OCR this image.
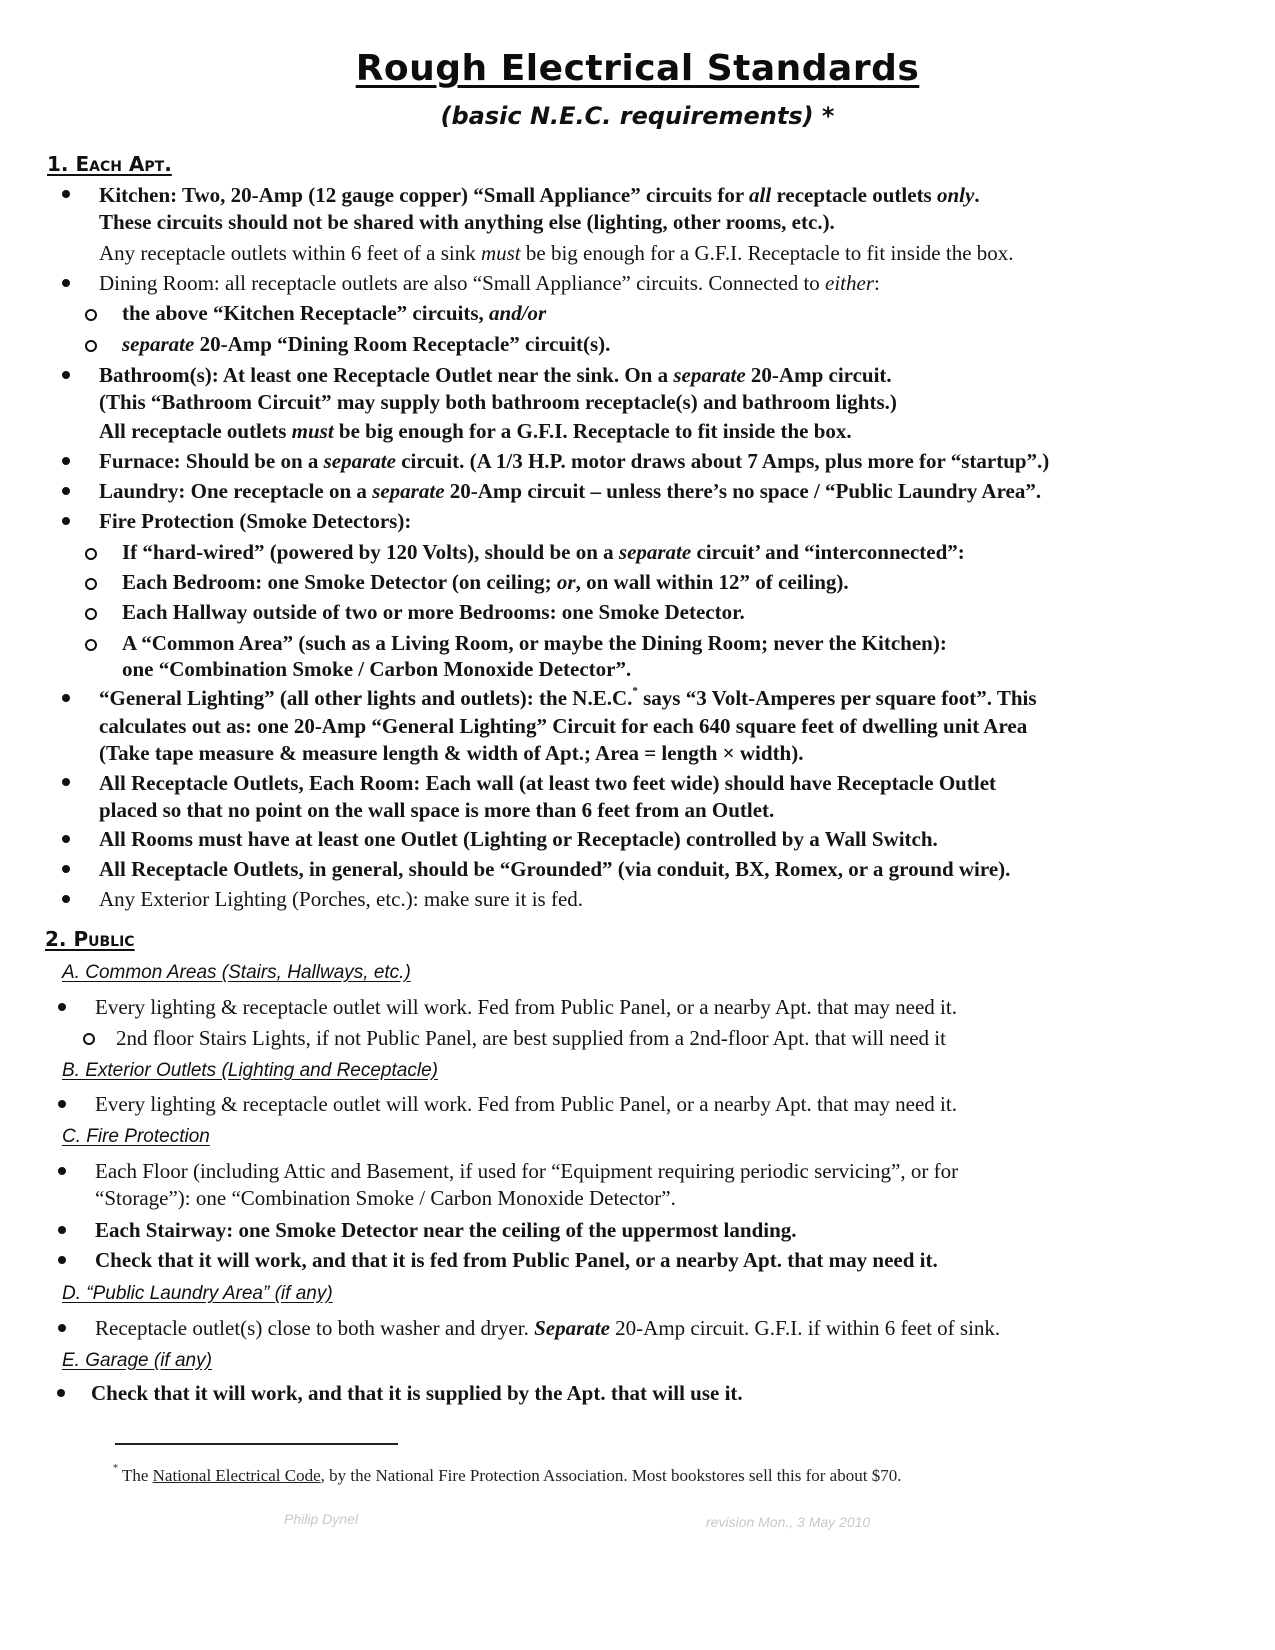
Rough Electrical Standards
(basic N.E.C. requirements) *
1. Each Apt.
Kitchen: Two, 20-Amp (12 gauge copper) “Small Appliance” circuits for all receptacle outlets only.
These circuits should not be shared with anything else (lighting, other rooms, etc.).
Any receptacle outlets within 6 feet of a sink must be big enough for a G.F.I. Receptacle to fit inside the box.
Dining Room: all receptacle outlets are also “Small Appliance” circuits. Connected to either:
the above “Kitchen Receptacle” circuits, and/or
separate 20-Amp “Dining Room Receptacle” circuit(s).
Bathroom(s): At least one Receptacle Outlet near the sink. On a separate 20-Amp circuit.
(This “Bathroom Circuit” may supply both bathroom receptacle(s) and bathroom lights.)
All receptacle outlets must be big enough for a G.F.I. Receptacle to fit inside the box.
Furnace: Should be on a separate circuit. (A 1/3 H.P. motor draws about 7 Amps, plus more for “startup”.)
Laundry: One receptacle on a separate 20-Amp circuit – unless there’s no space / “Public Laundry Area”.
Fire Protection (Smoke Detectors):
If “hard-wired” (powered by 120 Volts), should be on a separate circuit’ and “interconnected”:
Each Bedroom: one Smoke Detector (on ceiling; or, on wall within 12” of ceiling).
Each Hallway outside of two or more Bedrooms: one Smoke Detector.
A “Common Area” (such as a Living Room, or maybe the Dining Room; never the Kitchen):
one “Combination Smoke / Carbon Monoxide Detector”.
“General Lighting” (all other lights and outlets): the N.E.C.* says “3 Volt-Amperes per square foot”. This
calculates out as: one 20-Amp “General Lighting” Circuit for each 640 square feet of dwelling unit Area
(Take tape measure & measure length & width of Apt.; Area = length × width).
All Receptacle Outlets, Each Room: Each wall (at least two feet wide) should have Receptacle Outlet
placed so that no point on the wall space is more than 6 feet from an Outlet.
All Rooms must have at least one Outlet (Lighting or Receptacle) controlled by a Wall Switch.
All Receptacle Outlets, in general, should be “Grounded” (via conduit, BX, Romex, or a ground wire).
Any Exterior Lighting (Porches, etc.): make sure it is fed.
2. Public
A. Common Areas (Stairs, Hallways, etc.)
Every lighting & receptacle outlet will work. Fed from Public Panel, or a nearby Apt. that may need it.
2nd floor Stairs Lights, if not Public Panel, are best supplied from a 2nd-floor Apt. that will need it
B. Exterior Outlets (Lighting and Receptacle)
Every lighting & receptacle outlet will work. Fed from Public Panel, or a nearby Apt. that may need it.
C. Fire Protection
Each Floor (including Attic and Basement, if used for “Equipment requiring periodic servicing”, or for
“Storage”): one “Combination Smoke / Carbon Monoxide Detector”.
Each Stairway: one Smoke Detector near the ceiling of the uppermost landing.
Check that it will work, and that it is fed from Public Panel, or a nearby Apt. that may need it.
D. “Public Laundry Area” (if any)
Receptacle outlet(s) close to both washer and dryer. Separate 20-Amp circuit. G.F.I. if within 6 feet of sink.
E. Garage (if any)
Check that it will work, and that it is supplied by the Apt. that will use it.
* The National Electrical Code, by the National Fire Protection Association. Most bookstores sell this for about $70.
Philip Dynel	revision Mon., 3 May 2010
